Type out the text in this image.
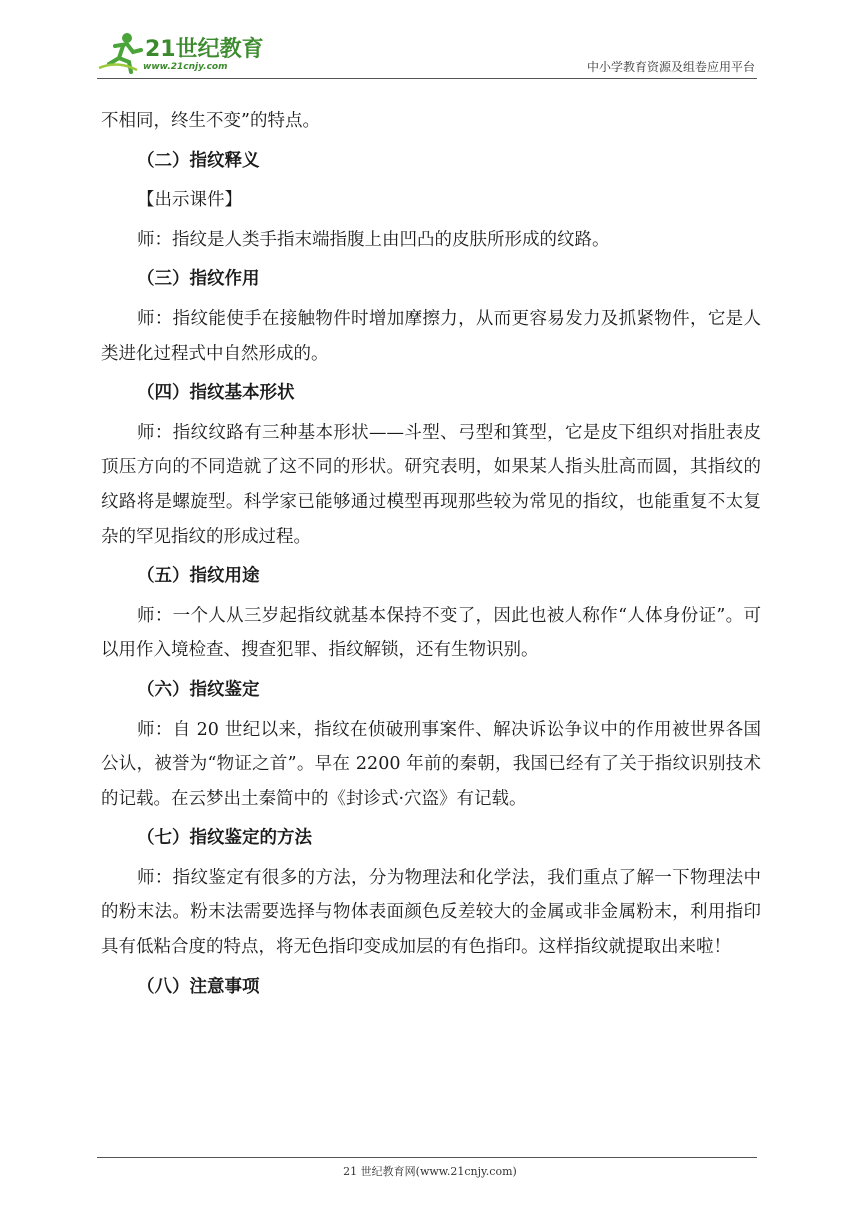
21世纪教育
www.21cnjy.com	中小学教育资源及组卷应用平台

不相同，终生不变”的特点。

（二）指纹释义

【出示课件】

师：指纹是人类手指末端指腹上由凹凸的皮肤所形成的纹路。

（三）指纹作用

师：指纹能使手在接触物件时增加摩擦力，从而更容易发力及抓紧物件，它是人类进化过程式中自然形成的。

（四）指纹基本形状

师：指纹纹路有三种基本形状——斗型、弓型和箕型，它是皮下组织对指肚表皮顶压方向的不同造就了这不同的形状。研究表明，如果某人指头肚高而圆，其指纹的纹路将是螺旋型。科学家已能够通过模型再现那些较为常见的指纹，也能重复不太复杂的罕见指纹的形成过程。

（五）指纹用途

师：一个人从三岁起指纹就基本保持不变了，因此也被人称作“人体身份证”。可以用作入境检查、搜查犯罪、指纹解锁，还有生物识别。

（六）指纹鉴定

师：自 20 世纪以来，指纹在侦破刑事案件、解决诉讼争议中的作用被世界各国公认，被誉为“物证之首”。早在 2200 年前的秦朝，我国已经有了关于指纹识别技术的记载。在云梦出土秦简中的《封诊式·穴盗》有记载。

（七）指纹鉴定的方法

师：指纹鉴定有很多的方法，分为物理法和化学法，我们重点了解一下物理法中的粉末法。粉末法需要选择与物体表面颜色反差较大的金属或非金属粉末，利用指印具有低粘合度的特点，将无色指印变成加层的有色指印。这样指纹就提取出来啦！

（八）注意事项

21 世纪教育网(www.21cnjy.com)
